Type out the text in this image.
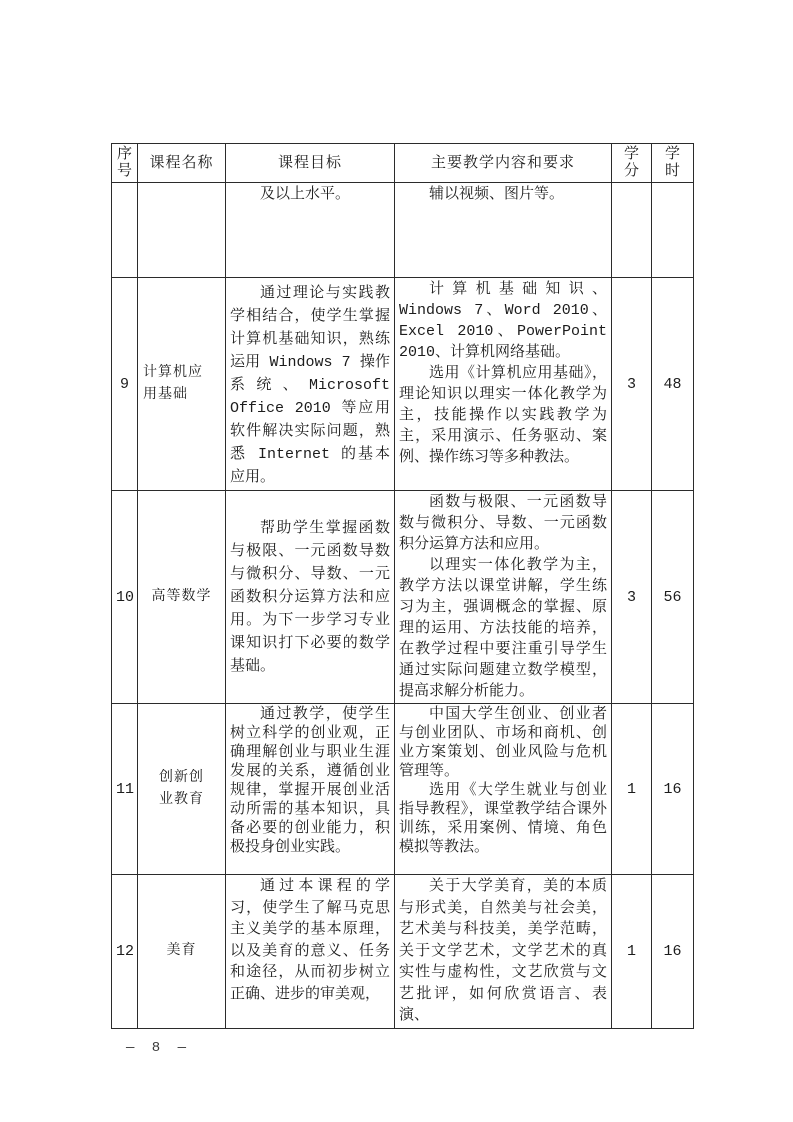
序号	课程名称	课程目标	主要教学内容和要求	学分	学时

		及以上水平。	辅以视频、图片等。		

9	计算机应用基础	通过理论与实践教学相结合，使学生掌握计算机基础知识，熟练运用 Windows 7 操作系统、Microsoft Office 2010 等应用软件解决实际问题，熟悉 Internet 的基本应用。	计算机基础知识、Windows 7、Word 2010、Excel 2010、PowerPoint 2010、计算机网络基础。

选用《计算机应用基础》，理论知识以理实一体化教学为主，技能操作以实践教学为主，采用演示、任务驱动、案例、操作练习等多种教法。	3	48
10	高等数学	帮助学生掌握函数与极限、一元函数导数与微积分、导数、一元函数积分运算方法和应用。为下一步学习专业课知识打下必要的数学基础。	函数与极限、一元函数导数与微积分、导数、一元函数积分运算方法和应用。

以理实一体化教学为主，教学方法以课堂讲解，学生练习为主，强调概念的掌握、原理的运用、方法技能的培养，在教学过程中要注重引导学生通过实际问题建立数学模型，提高求解分析能力。	3	56
11	创新创业教育	通过教学，使学生树立科学的创业观，正确理解创业与职业生涯发展的关系，遵循创业规律，掌握开展创业活动所需的基本知识，具备必要的创业能力，积极投身创业实践。	中国大学生创业、创业者与创业团队、市场和商机、创业方案策划、创业风险与危机管理等。

选用《大学生就业与创业指导教程》，课堂教学结合课外训练，采用案例、情境、角色模拟等教法。	1	16
12	美育	通过本课程的学习，使学生了解马克思主义美学的基本原理，以及美育的意义、任务和途径，从而初步树立正确、进步的审美观，	关于大学美育，美的本质与形式美，自然美与社会美，艺术美与科技美，美学范畴，关于文学艺术，文学艺术的真实性与虚构性，文艺欣赏与文艺批评，如何欣赏语言、表演、	1	16
— 8 —
